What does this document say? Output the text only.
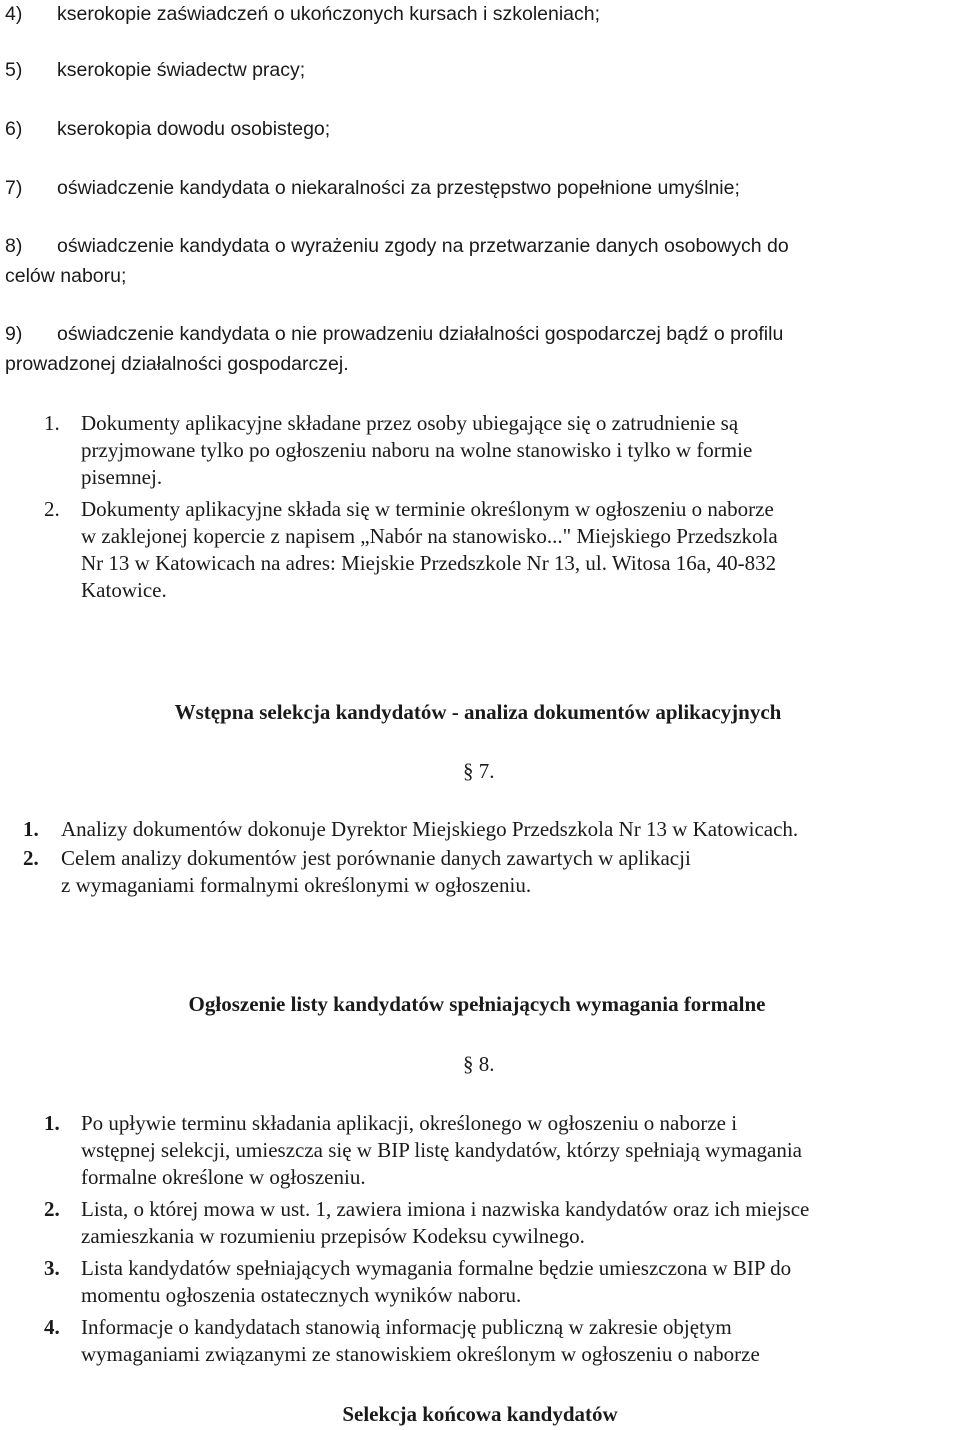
4) kserokopie zaświadczeń o ukończonych kursach i szkoleniach;
5) kserokopie świadectw pracy;
6) kserokopia dowodu osobistego;
7) oświadczenie kandydata o niekaralności za przestępstwo popełnione umyślnie;
8) oświadczenie kandydata o wyrażeniu zgody na przetwarzanie danych osobowych do
celów naboru;
9) oświadczenie kandydata o nie prowadzeniu działalności gospodarczej bądź o profilu
prowadzonej działalności gospodarczej.
1. Dokumenty aplikacyjne składane przez osoby ubiegające się o zatrudnienie są
przyjmowane tylko po ogłoszeniu naboru na wolne stanowisko i tylko w formie
pisemnej.
2. Dokumenty aplikacyjne składa się w terminie określonym w ogłoszeniu o naborze
w zaklejonej kopercie z napisem „Nabór na stanowisko..." Miejskiego Przedszkola
Nr 13 w Katowicach na adres: Miejskie Przedszkole Nr 13, ul. Witosa 16a, 40-832
Katowice.
Wstępna selekcja kandydatów - analiza dokumentów aplikacyjnych
§ 7.
1. Analizy dokumentów dokonuje Dyrektor Miejskiego Przedszkola Nr 13 w Katowicach.
2. Celem analizy dokumentów jest porównanie danych zawartych w aplikacji
z wymaganiami formalnymi określonymi w ogłoszeniu.
Ogłoszenie listy kandydatów spełniających wymagania formalne
§ 8.
1. Po upływie terminu składania aplikacji, określonego w ogłoszeniu o naborze i
wstępnej selekcji, umieszcza się w BIP listę kandydatów, którzy spełniają wymagania
formalne określone w ogłoszeniu.
2. Lista, o której mowa w ust. 1, zawiera imiona i nazwiska kandydatów oraz ich miejsce
zamieszkania w rozumieniu przepisów Kodeksu cywilnego.
3. Lista kandydatów spełniających wymagania formalne będzie umieszczona w BIP do
momentu ogłoszenia ostatecznych wyników naboru.
4. Informacje o kandydatach stanowią informację publiczną w zakresie objętym
wymaganiami związanymi ze stanowiskiem określonym w ogłoszeniu o naborze
Selekcja końcowa kandydatów
